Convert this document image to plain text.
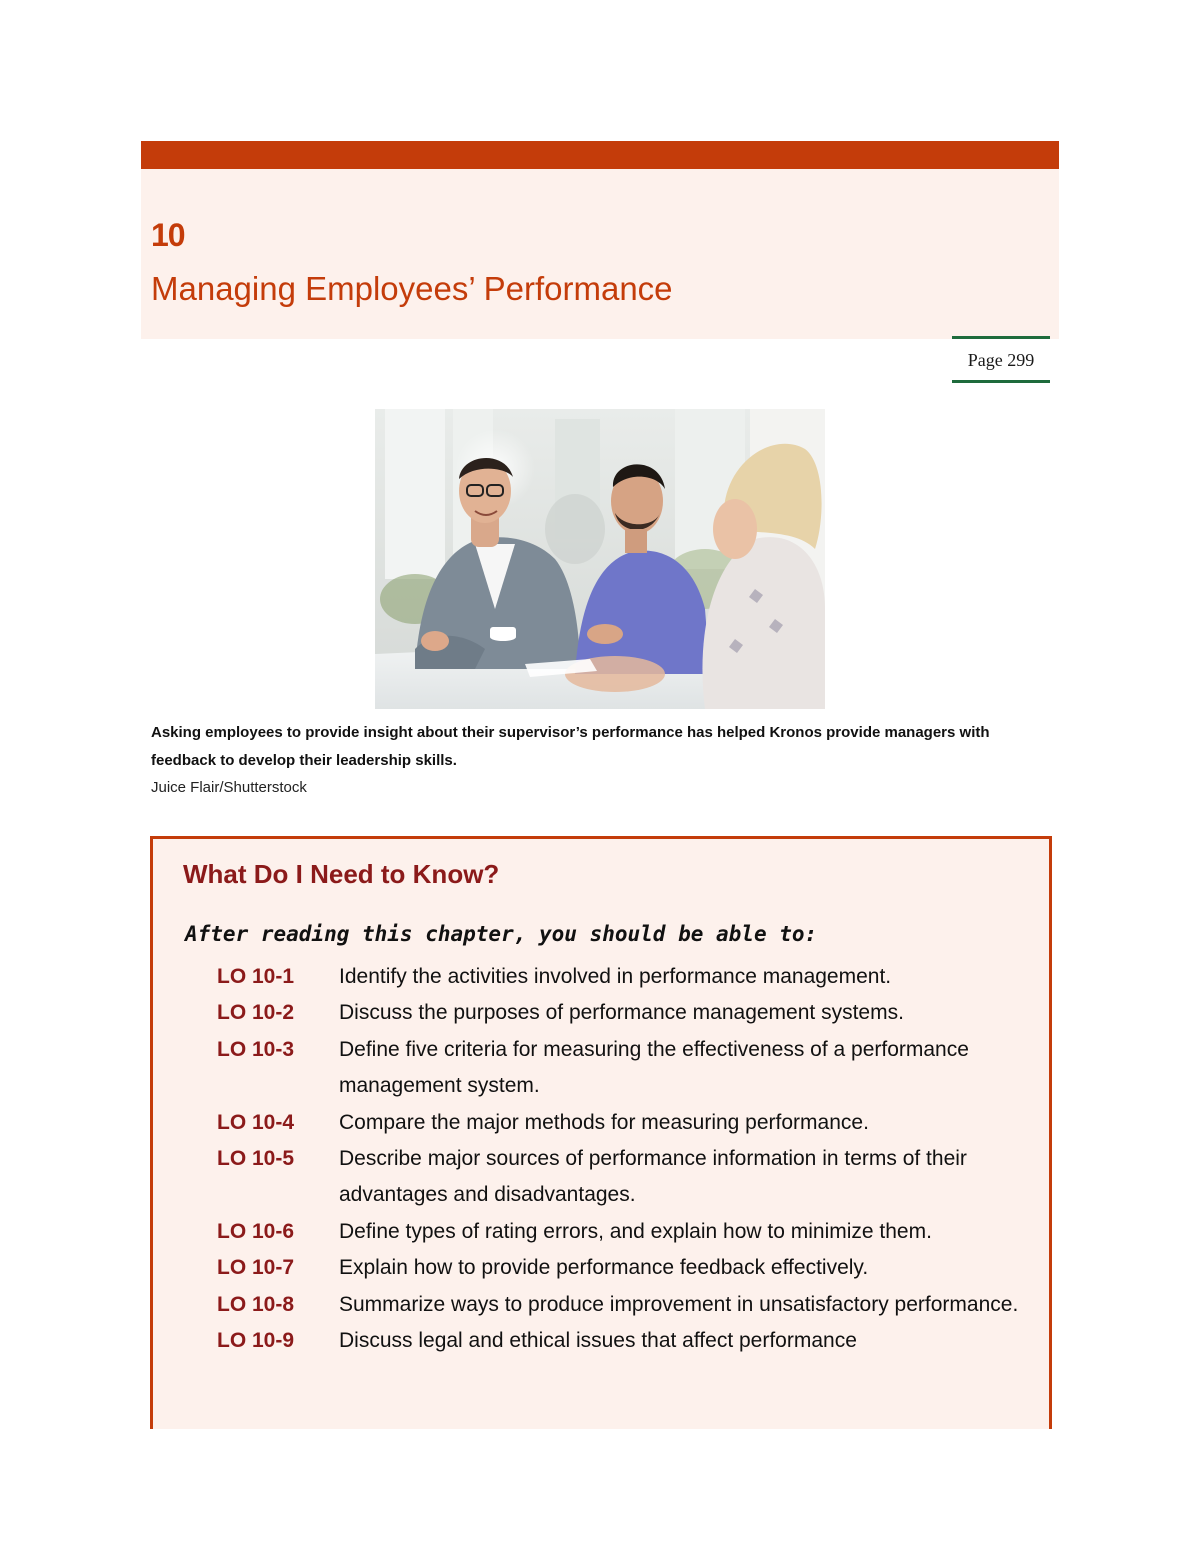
10
Managing Employees’ Performance
Page 299
Asking employees to provide insight about their supervisor’s performance has helped Kronos provide managers with feedback to develop their leadership skills.
Juice Flair/Shutterstock
What Do I Need to Know?
After reading this chapter, you should be able to:
LO 10-1	Identify the activities involved in performance management.
LO 10-2	Discuss the purposes of performance management systems.
LO 10-3	Define five criteria for measuring the effectiveness of a performance management system.
LO 10-4	Compare the major methods for measuring performance.
LO 10-5	Describe major sources of performance information in terms of their advantages and disadvantages.
LO 10-6	Define types of rating errors, and explain how to minimize them.
LO 10-7	Explain how to provide performance feedback effectively.
LO 10-8	Summarize ways to produce improvement in unsatisfactory performance.
LO 10-9	Discuss legal and ethical issues that affect performance
